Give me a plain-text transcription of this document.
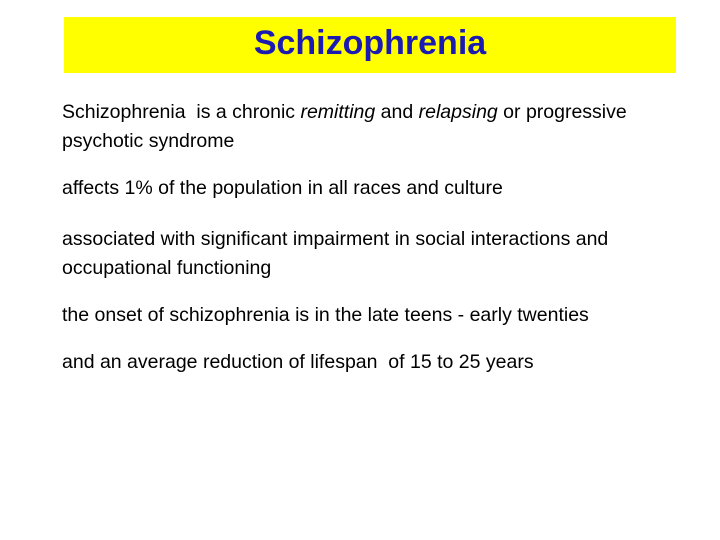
Schizophrenia

Schizophrenia  is a chronic remitting and relapsing or progressive psychotic syndrome

affects 1% of the population in all races and culture

associated with significant impairment in social interactions and occupational functioning

the onset of schizophrenia is in the late teens - early twenties

and an average reduction of lifespan  of 15 to 25 years
